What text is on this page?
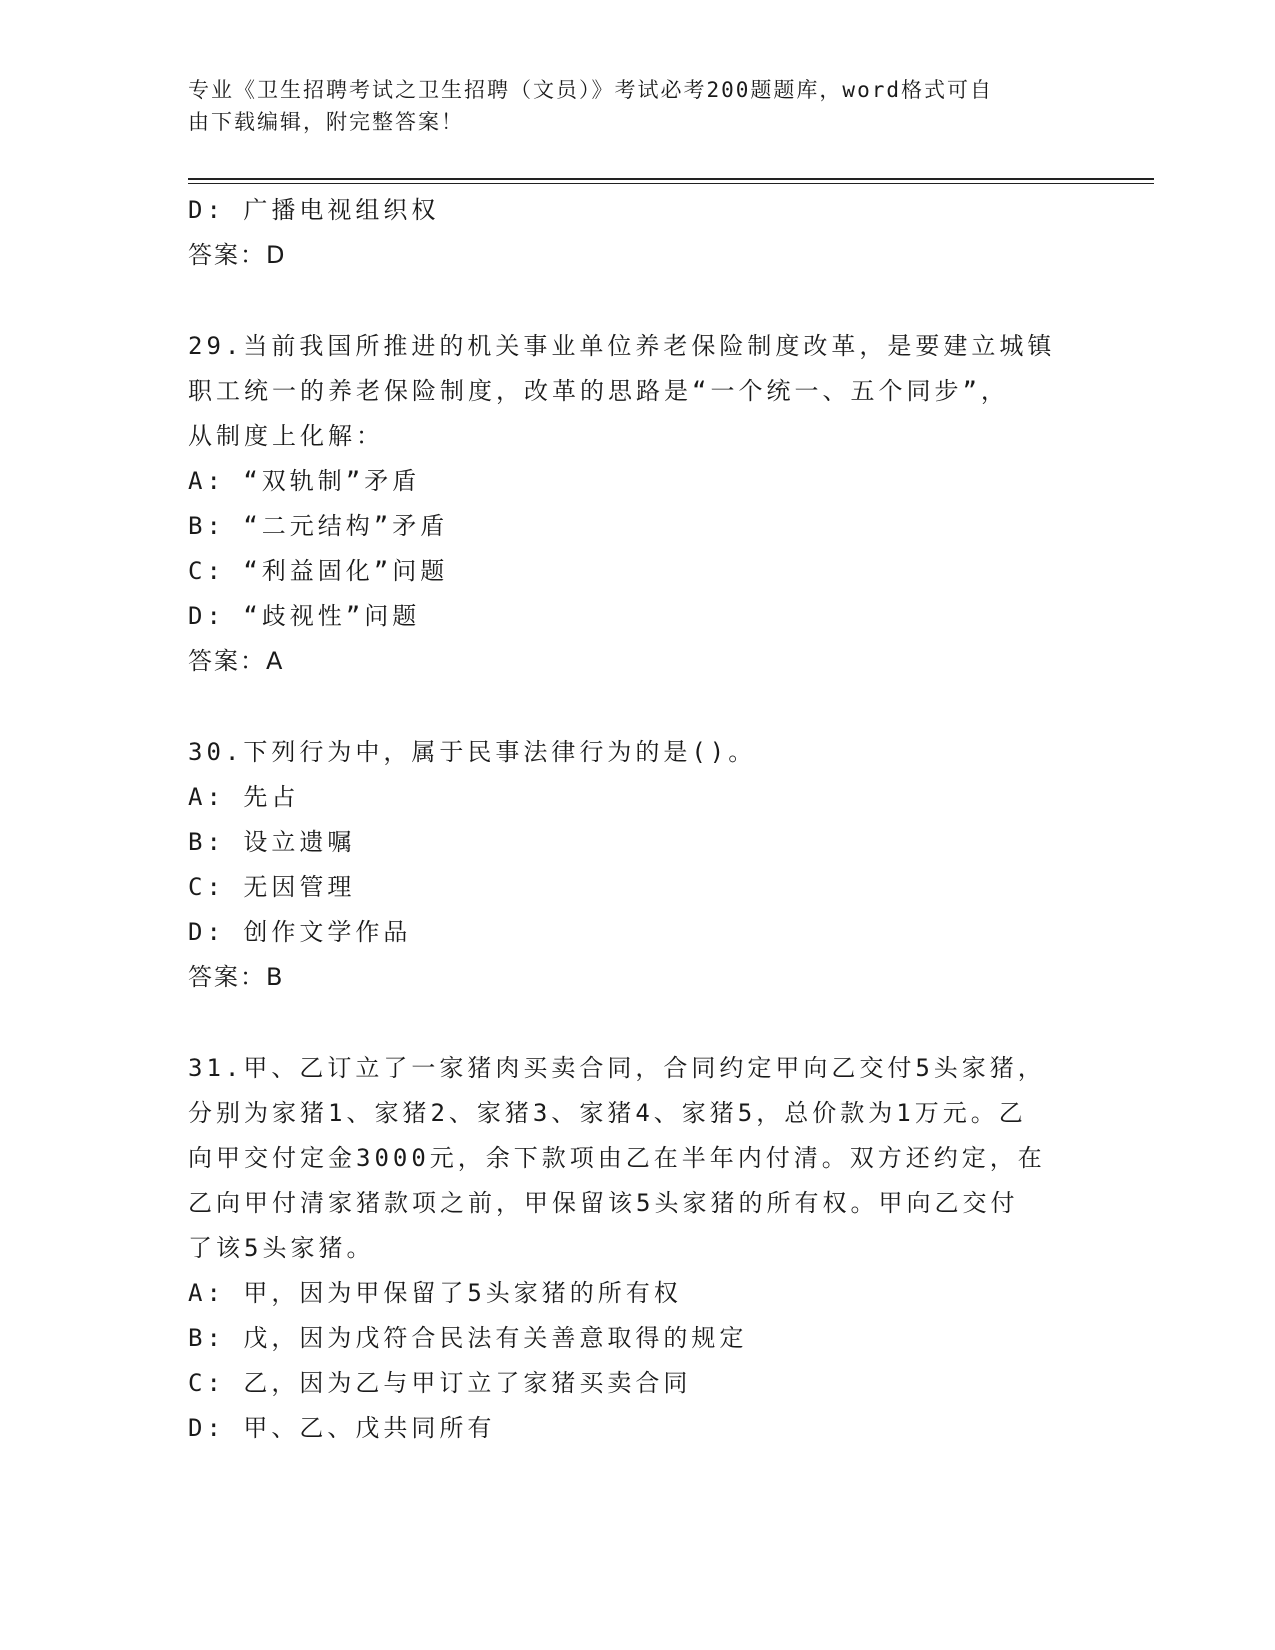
专业《卫生招聘考试之卫生招聘（文员）》考试必考200题题库，word格式可自
由下载编辑，附完整答案！
D: 广播电视组织权
答案：D
29.当前我国所推进的机关事业单位养老保险制度改革，是要建立城镇
职工统一的养老保险制度，改革的思路是“一个统一、五个同步”，
从制度上化解：
A: “双轨制”矛盾
B: “二元结构”矛盾
C: “利益固化”问题
D: “歧视性”问题
答案：A
30.下列行为中，属于民事法律行为的是()。
A: 先占
B: 设立遗嘱
C: 无因管理
D: 创作文学作品
答案：B
31.甲、乙订立了一家猪肉买卖合同，合同约定甲向乙交付5头家猪，
分别为家猪1、家猪2、家猪3、家猪4、家猪5，总价款为1万元。乙
向甲交付定金3000元，余下款项由乙在半年内付清。双方还约定，在
乙向甲付清家猪款项之前，甲保留该5头家猪的所有权。甲向乙交付
了该5头家猪。
A: 甲，因为甲保留了5头家猪的所有权
B: 戊，因为戊符合民法有关善意取得的规定
C: 乙，因为乙与甲订立了家猪买卖合同
D: 甲、乙、戊共同所有
